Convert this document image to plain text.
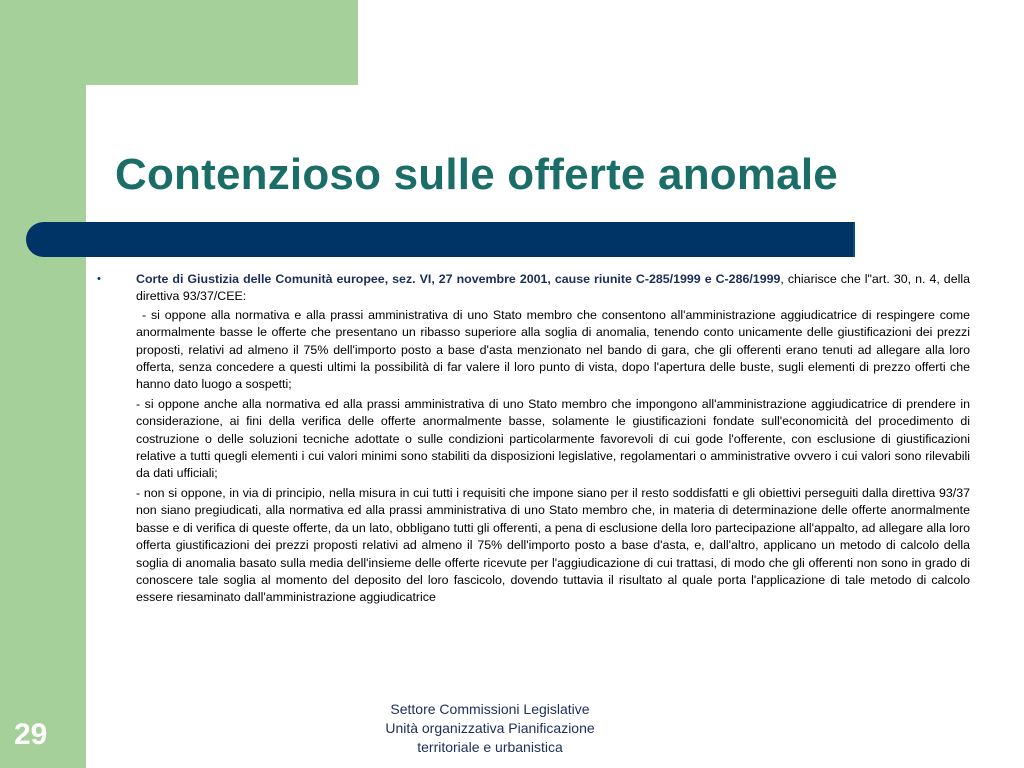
Contenzioso sulle offerte anomale
•	Corte di Giustizia delle Comunità europee, sez. VI, 27 novembre 2001, cause riunite C-285/1999 e C-286/1999, chiarisce che l"art. 30, n. 4, della direttiva 93/37/CEE:

- si oppone alla normativa e alla prassi amministrativa di uno Stato membro che consentono all'amministrazione aggiudicatrice di respingere come anormalmente basse le offerte che presentano un ribasso superiore alla soglia di anomalia, tenendo conto unicamente delle giustificazioni dei prezzi proposti, relativi ad almeno il 75% dell'importo posto a base d'asta menzionato nel bando di gara, che gli offerenti erano tenuti ad allegare alla loro offerta, senza concedere a questi ultimi la possibilità di far valere il loro punto di vista, dopo l'apertura delle buste, sugli elementi di prezzo offerti che hanno dato luogo a sospetti;

- si oppone anche alla normativa ed alla prassi amministrativa di uno Stato membro che impongono all'amministrazione aggiudicatrice di prendere in considerazione, ai fini della verifica delle offerte anormalmente basse, solamente le giustificazioni fondate sull'economicità del procedimento di costruzione o delle soluzioni tecniche adottate o sulle condizioni particolarmente favorevoli di cui gode l'offerente, con esclusione di giustificazioni relative a tutti quegli elementi i cui valori minimi sono stabiliti da disposizioni legislative, regolamentari o amministrative ovvero i cui valori sono rilevabili da dati ufficiali;

- non si oppone, in via di principio, nella misura in cui tutti i requisiti che impone siano per il resto soddisfatti e gli obiettivi perseguiti dalla direttiva 93/37 non siano pregiudicati, alla normativa ed alla prassi amministrativa di uno Stato membro che, in materia di determinazione delle offerte anormalmente basse e di verifica di queste offerte, da un lato, obbligano tutti gli offerenti, a pena di esclusione della loro partecipazione all'appalto, ad allegare alla loro offerta giustificazioni dei prezzi proposti relativi ad almeno il 75% dell'importo posto a base d'asta, e, dall'altro, applicano un metodo di calcolo della soglia di anomalia basato sulla media dell'insieme delle offerte ricevute per l'aggiudicazione di cui trattasi, di modo che gli offerenti non sono in grado di conoscere tale soglia al momento del deposito del loro fascicolo, dovendo tuttavia il risultato al quale porta l'applicazione di tale metodo di calcolo essere riesaminato dall'amministrazione aggiudicatrice

Settore Commissioni Legislative
Unità organizzativa Pianificazione
territoriale e urbanistica
29
